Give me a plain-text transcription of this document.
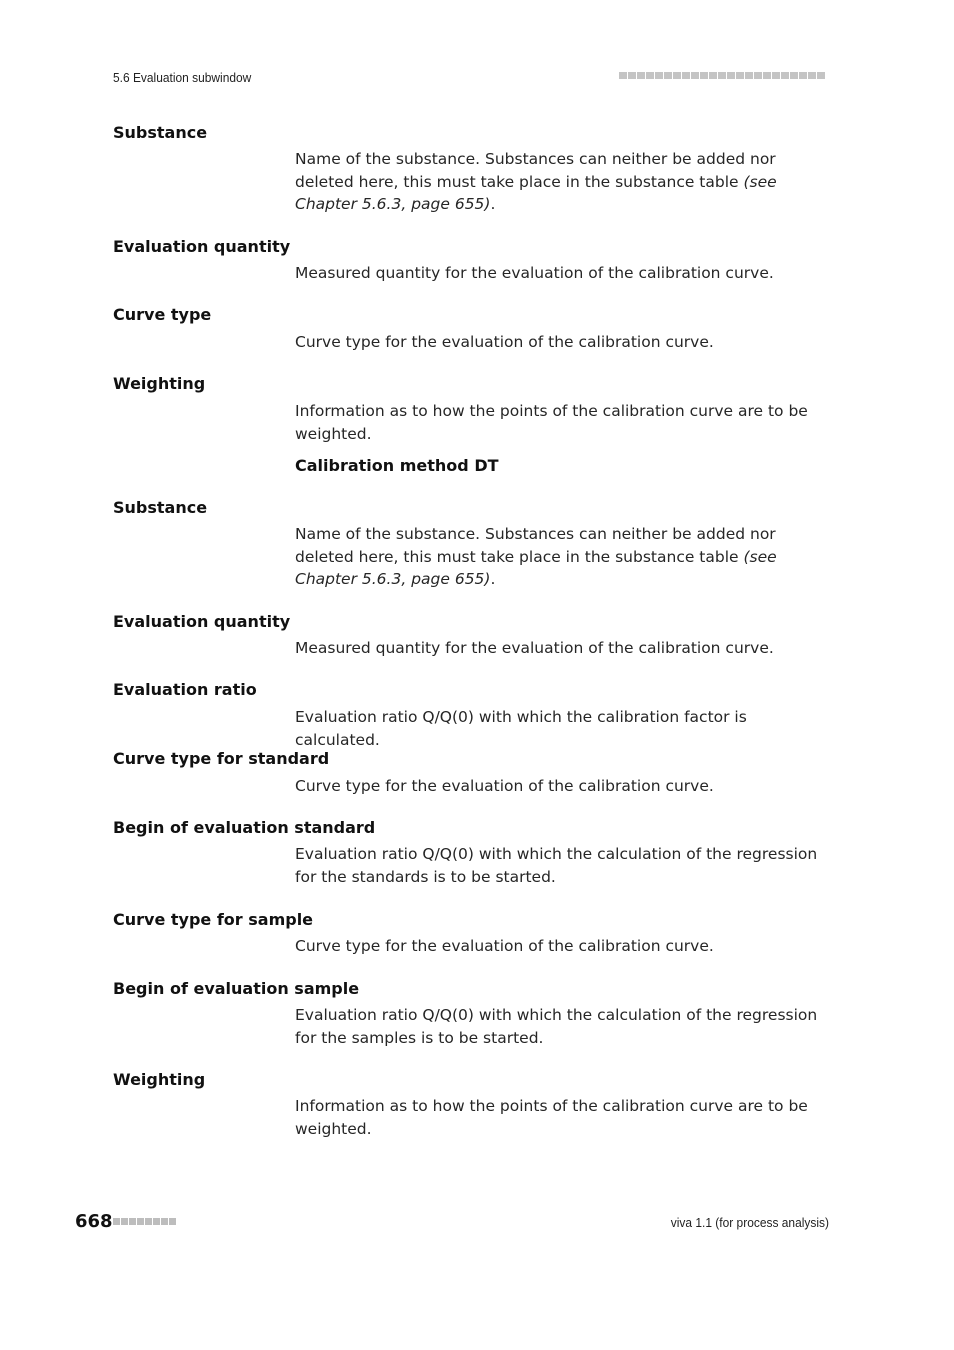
5.6 Evaluation subwindow
Substance
Name of the substance. Substances can neither be added nor deleted here, this must take place in the substance table (see Chapter 5.6.3, page 655).
Evaluation quantity
Measured quantity for the evaluation of the calibration curve.
Curve type
Curve type for the evaluation of the calibration curve.
Weighting
Information as to how the points of the calibration curve are to be weighted.
Calibration method DT
Substance
Name of the substance. Substances can neither be added nor deleted here, this must take place in the substance table (see Chapter 5.6.3, page 655).
Evaluation quantity
Measured quantity for the evaluation of the calibration curve.
Evaluation ratio
Evaluation ratio Q/Q(0) with which the calibration factor is calculated.
Curve type for standard
Curve type for the evaluation of the calibration curve.
Begin of evaluation standard
Evaluation ratio Q/Q(0) with which the calculation of the regression for the standards is to be started.
Curve type for sample
Curve type for the evaluation of the calibration curve.
Begin of evaluation sample
Evaluation ratio Q/Q(0) with which the calculation of the regression for the samples is to be started.
Weighting
Information as to how the points of the calibration curve are to be weighted.
668	viva 1.1 (for process analysis)
